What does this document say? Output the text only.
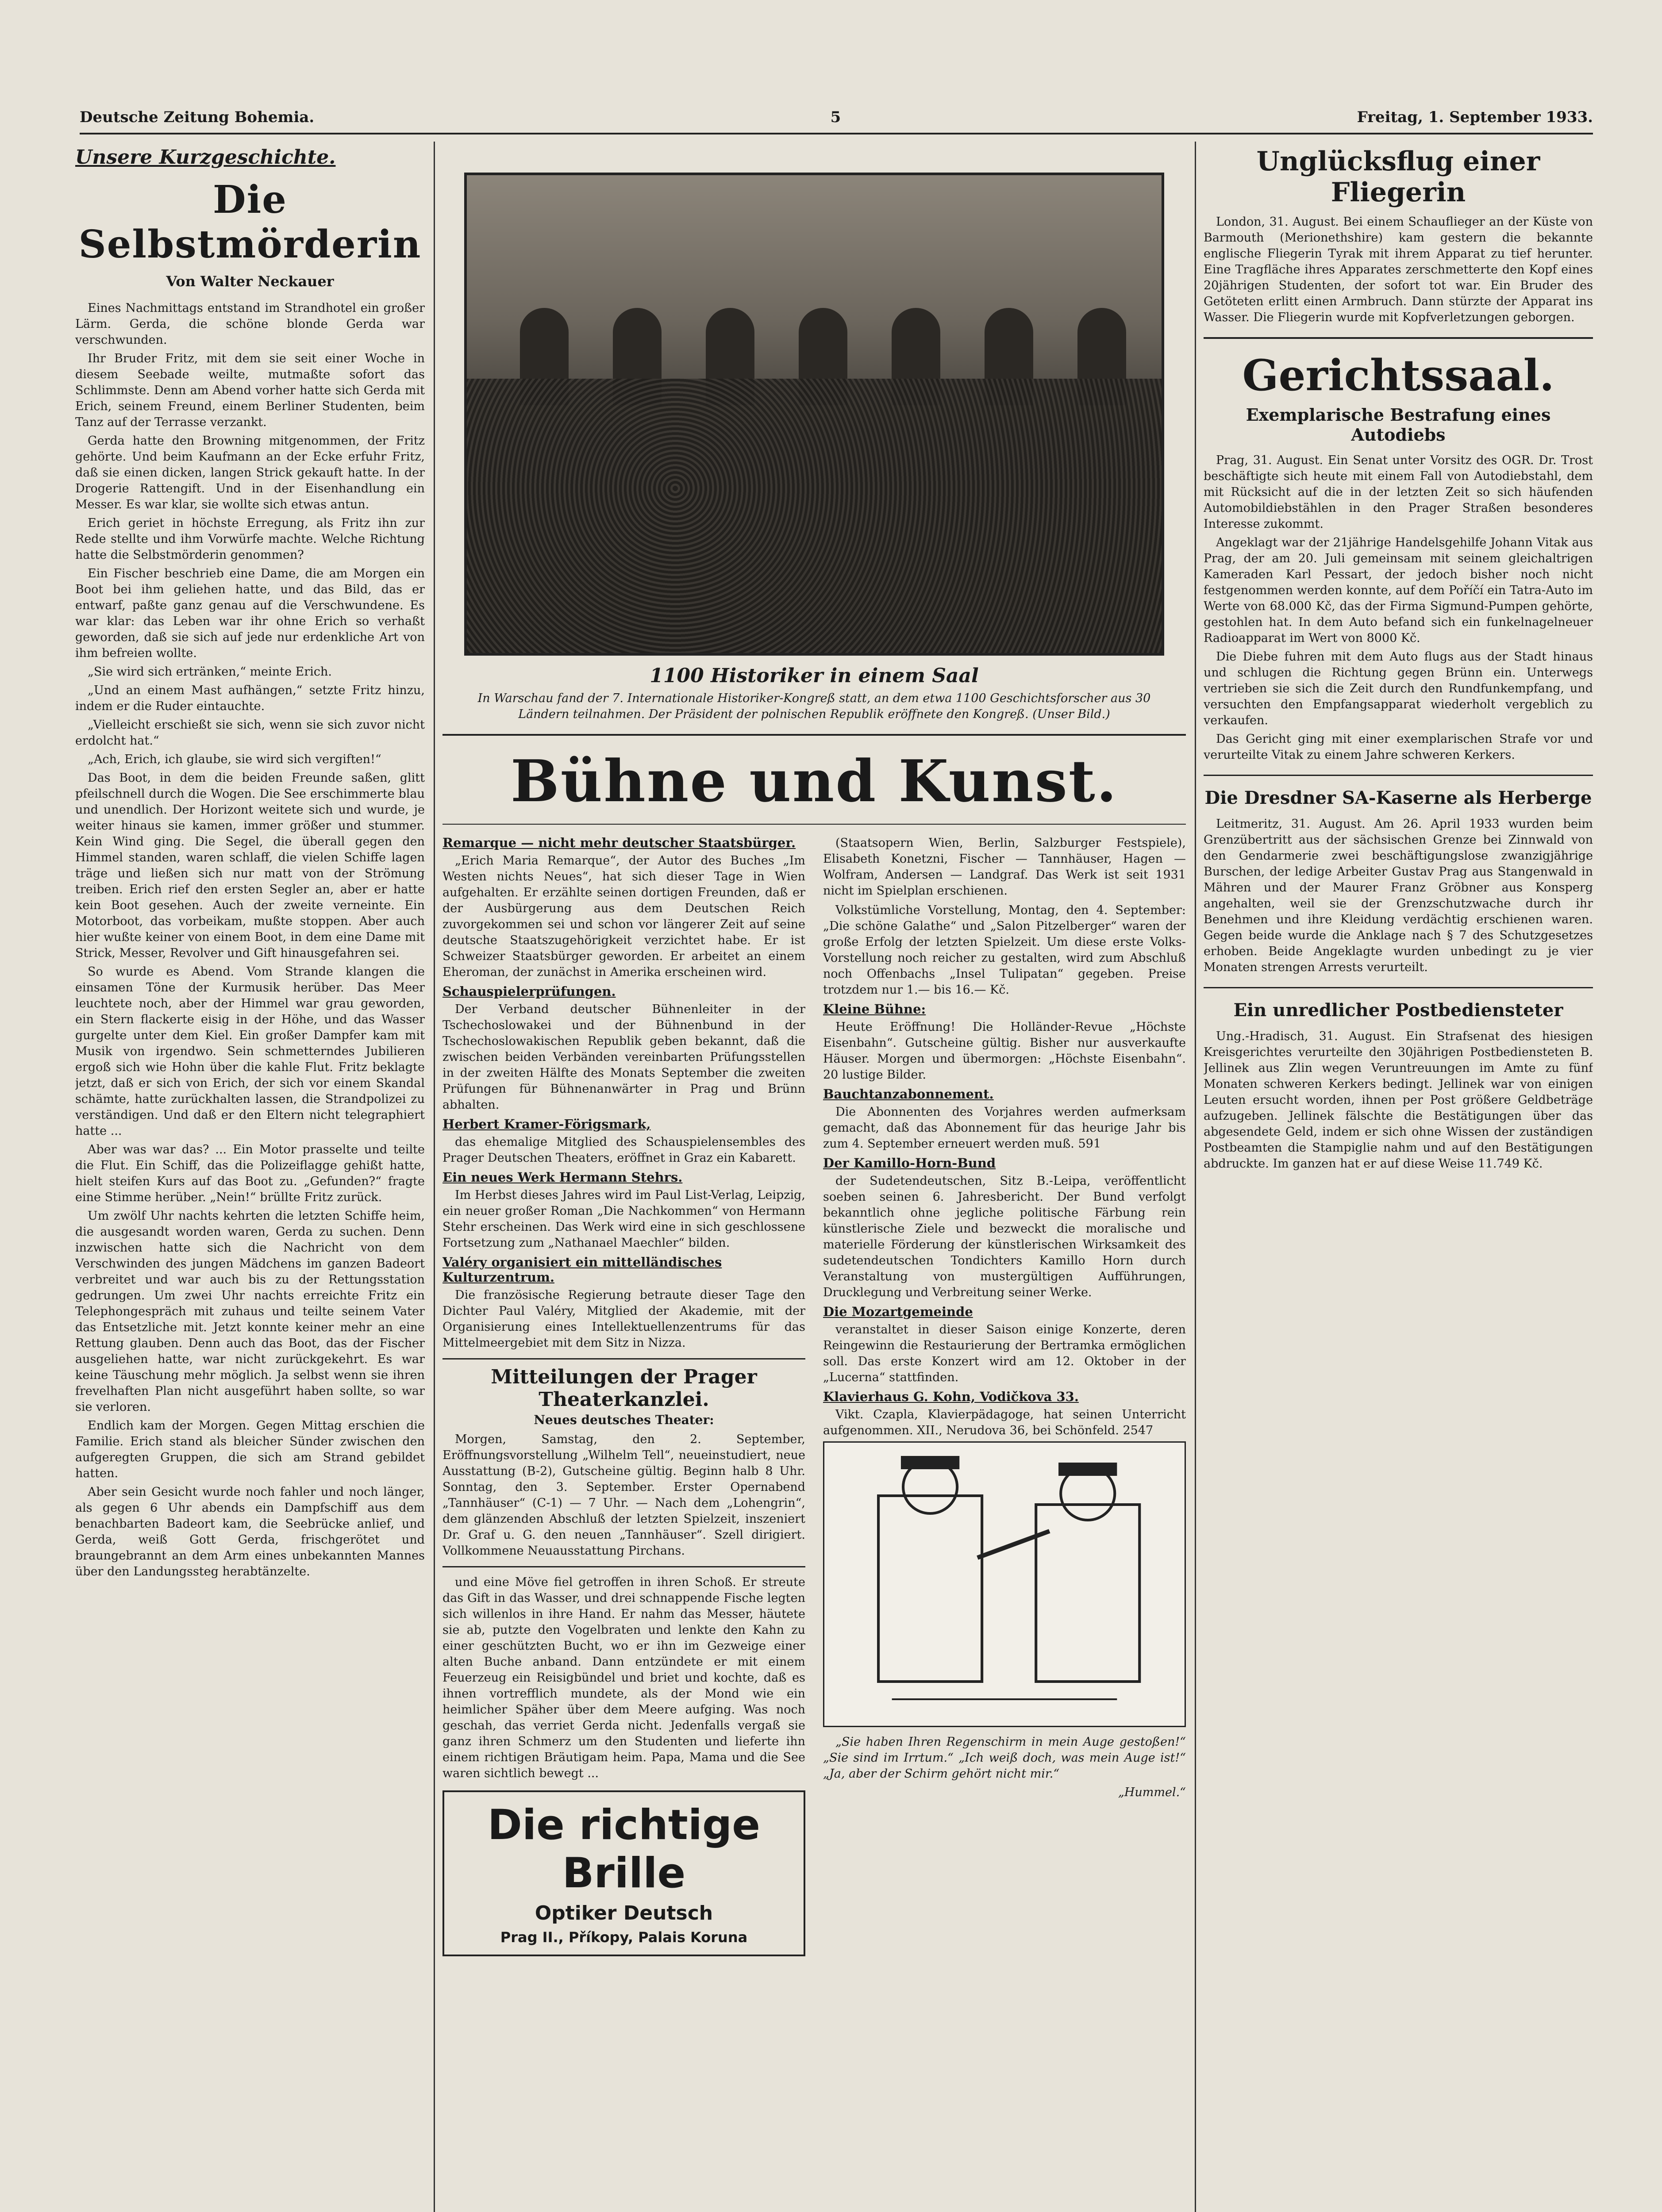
Deutsche Zeitung Bohemia.	5	Freitag, 1. September 1933.
Unsere Kurzgeschichte.
Die Selbstmörderin
Von Walter Neckauer

Eines Nachmittags entstand im Strandhotel ein großer Lärm. Gerda, die schöne blonde Gerda war verschwunden.

Ihr Bruder Fritz, mit dem sie seit einer Woche in diesem Seebade weilte, mutmaßte sofort das Schlimmste. Denn am Abend vorher hatte sich Gerda mit Erich, seinem Freund, einem Berliner Studenten, beim Tanz auf der Terrasse verzankt.

Gerda hatte den Browning mitgenommen, der Fritz gehörte. Und beim Kaufmann an der Ecke erfuhr Fritz, daß sie einen dicken, langen Strick gekauft hatte. In der Drogerie Rattengift. Und in der Eisenhandlung ein Messer. Es war klar, sie wollte sich etwas antun.

Erich geriet in höchste Erregung, als Fritz ihn zur Rede stellte und ihm Vorwürfe machte. Welche Richtung hatte die Selbstmörderin genommen?

Ein Fischer beschrieb eine Dame, die am Morgen ein Boot bei ihm geliehen hatte, und das Bild, das er entwarf, paßte ganz genau auf die Verschwundene. Es war klar: das Leben war ihr ohne Erich so verhaßt geworden, daß sie sich auf jede nur erdenkliche Art von ihm befreien wollte.

„Sie wird sich ertränken,“ meinte Erich.

„Und an einem Mast aufhängen,“ setzte Fritz hinzu, indem er die Ruder eintauchte.

„Vielleicht erschießt sie sich, wenn sie sich zuvor nicht erdolcht hat.“

„Ach, Erich, ich glaube, sie wird sich vergiften!“

Das Boot, in dem die beiden Freunde saßen, glitt pfeilschnell durch die Wogen. Die See erschimmerte blau und unendlich. Der Horizont weitete sich und wurde, je weiter hinaus sie kamen, immer größer und stummer. Kein Wind ging. Die Segel, die überall gegen den Himmel standen, waren schlaff, die vielen Schiffe lagen träge und ließen sich nur matt von der Strömung treiben. Erich rief den ersten Segler an, aber er hatte kein Boot gesehen. Auch der zweite verneinte. Ein Motorboot, das vorbeikam, mußte stoppen. Aber auch hier wußte keiner von einem Boot, in dem eine Dame mit Strick, Messer, Revolver und Gift hinausgefahren sei.

So wurde es Abend. Vom Strande klangen die einsamen Töne der Kurmusik herüber. Das Meer leuchtete noch, aber der Himmel war grau geworden, ein Stern flackerte eisig in der Höhe, und das Wasser gurgelte unter dem Kiel. Ein großer Dampfer kam mit Musik von irgendwo. Sein schmetterndes Jubilieren ergoß sich wie Hohn über die kahle Flut. Fritz beklagte jetzt, daß er sich von Erich, der sich vor einem Skandal schämte, hatte zurückhalten lassen, die Strandpolizei zu verständigen. Und daß er den Eltern nicht telegraphiert hatte ...

Aber was war das? ... Ein Motor prasselte und teilte die Flut. Ein Schiff, das die Polizeiflagge gehißt hatte, hielt steifen Kurs auf das Boot zu. „Gefunden?“ fragte eine Stimme herüber. „Nein!“ brüllte Fritz zurück.

Um zwölf Uhr nachts kehrten die letzten Schiffe heim, die ausgesandt worden waren, Gerda zu suchen. Denn inzwischen hatte sich die Nachricht von dem Verschwinden des jungen Mädchens im ganzen Badeort verbreitet und war auch bis zu der Rettungsstation gedrungen. Um zwei Uhr nachts erreichte Fritz ein Telephongespräch mit zuhaus und teilte seinem Vater das Entsetzliche mit. Jetzt konnte keiner mehr an eine Rettung glauben. Denn auch das Boot, das der Fischer ausgeliehen hatte, war nicht zurückgekehrt. Es war keine Täuschung mehr möglich. Ja selbst wenn sie ihren frevelhaften Plan nicht ausgeführt haben sollte, so war sie verloren.

Endlich kam der Morgen. Gegen Mittag erschien die Familie. Erich stand als bleicher Sünder zwischen den aufgeregten Gruppen, die sich am Strand gebildet hatten.

Aber sein Gesicht wurde noch fahler und noch länger, als gegen 6 Uhr abends ein Dampfschiff aus dem benachbarten Badeort kam, die Seebrücke anlief, und Gerda, weiß Gott Gerda, frischgerötet und braungebrannt an dem Arm eines unbekannten Mannes über den Landungssteg herabtänzelte.

1100 Historiker in einem Saal
In Warschau fand der 7. Internationale Historiker-Kongreß statt, an dem etwa 1100 Geschichtsforscher aus 30 Ländern teilnahmen. Der Präsident der polnischen Republik eröffnete den Kongreß. (Unser Bild.)
Bühne und Kunst.
Remarque — nicht mehr deutscher Staatsbürger.

„Erich Maria Remarque“, der Autor des Buches „Im Westen nichts Neues“, hat sich dieser Tage in Wien aufgehalten. Er erzählte seinen dortigen Freunden, daß er der Ausbürgerung aus dem Deutschen Reich zuvorgekommen sei und schon vor längerer Zeit auf seine deutsche Staatszugehörigkeit verzichtet habe. Er ist Schweizer Staatsbürger geworden. Er arbeitet an einem Eheroman, der zunächst in Amerika erscheinen wird.

Schauspielerprüfungen.

Der Verband deutscher Bühnenleiter in der Tschechoslowakei und der Bühnenbund in der Tschechoslowakischen Republik geben bekannt, daß die zwischen beiden Verbänden vereinbarten Prüfungsstellen in der zweiten Hälfte des Monats September die zweiten Prüfungen für Bühnenanwärter in Prag und Brünn abhalten.

Herbert Kramer-Förigsmark,

das ehemalige Mitglied des Schauspielensembles des Prager Deutschen Theaters, eröffnet in Graz ein Kabarett.

Ein neues Werk Hermann Stehrs.

Im Herbst dieses Jahres wird im Paul List-Verlag, Leipzig, ein neuer großer Roman „Die Nachkommen“ von Hermann Stehr erscheinen. Das Werk wird eine in sich geschlossene Fortsetzung zum „Nathanael Maechler“ bilden.

Valéry organisiert ein mittelländisches Kulturzentrum.

Die französische Regierung betraute dieser Tage den Dichter Paul Valéry, Mitglied der Akademie, mit der Organisierung eines Intellektuellenzentrums für das Mittelmeergebiet mit dem Sitz in Nizza.

Mitteilungen der Prager Theaterkanzlei.
Neues deutsches Theater:

Morgen, Samstag, den 2. September, Eröffnungsvorstellung „Wilhelm Tell“, neueinstudiert, neue Ausstattung (B-2), Gutscheine gültig. Beginn halb 8 Uhr. Sonntag, den 3. September. Erster Opernabend „Tannhäuser“ (C-1) — 7 Uhr. — Nach dem „Lohengrin“, dem glänzenden Abschluß der letzten Spielzeit, inszeniert Dr. Graf u. G. den neuen „Tannhäuser“. Szell dirigiert. Vollkommene Neuausstattung Pirchans.

und eine Möve fiel getroffen in ihren Schoß. Er streute das Gift in das Wasser, und drei schnappende Fische legten sich willenlos in ihre Hand. Er nahm das Messer, häutete sie ab, putzte den Vogelbraten und lenkte den Kahn zu einer geschützten Bucht, wo er ihn im Gezweige einer alten Buche anband. Dann entzündete er mit einem Feuerzeug ein Reisigbündel und briet und kochte, daß es ihnen vortrefflich mundete, als der Mond wie ein heimlicher Späher über dem Meere aufging. Was noch geschah, das verriet Gerda nicht. Jedenfalls vergaß sie ganz ihren Schmerz um den Studenten und lieferte ihn einem richtigen Bräutigam heim. Papa, Mama und die See waren sichtlich bewegt ...

Die richtige Brille
Optiker Deutsch
Prag II., Příkopy, Palais Koruna

(Staatsopern Wien, Berlin, Salzburger Festspiele), Elisabeth Konetzni, Fischer — Tannhäuser, Hagen — Wolfram, Andersen — Landgraf. Das Werk ist seit 1931 nicht im Spielplan erschienen.

Volkstümliche Vorstellung, Montag, den 4. September: „Die schöne Galathe“ und „Salon Pitzelberger“ waren der große Erfolg der letzten Spielzeit. Um diese erste Volks-Vorstellung noch reicher zu gestalten, wird zum Abschluß noch Offenbachs „Insel Tulipatan“ gegeben. Preise trotzdem nur 1.— bis 16.— Kč.

Kleine Bühne:

Heute Eröffnung! Die Holländer-Revue „Höchste Eisenbahn“. Gutscheine gültig. Bisher nur ausverkaufte Häuser. Morgen und übermorgen: „Höchste Eisenbahn“. 20 lustige Bilder.

Bauchtanzabonnement.

Die Abonnenten des Vorjahres werden aufmerksam gemacht, daß das Abonnement für das heurige Jahr bis zum 4. September erneuert werden muß. 591

Der Kamillo-Horn-Bund

der Sudetendeutschen, Sitz B.-Leipa, veröffentlicht soeben seinen 6. Jahresbericht. Der Bund verfolgt bekanntlich ohne jegliche politische Färbung rein künstlerische Ziele und bezweckt die moralische und materielle Förderung der künstlerischen Wirksamkeit des sudetendeutschen Tondichters Kamillo Horn durch Veranstaltung von mustergültigen Aufführungen, Drucklegung und Verbreitung seiner Werke.

Die Mozartgemeinde

veranstaltet in dieser Saison einige Konzerte, deren Reingewinn die Restaurierung der Bertramka ermöglichen soll. Das erste Konzert wird am 12. Oktober in der „Lucerna“ stattfinden.

Klavierhaus G. Kohn, Vodičkova 33.

Vikt. Czapla, Klavierpädagoge, hat seinen Unterricht aufgenommen. XII., Nerudova 36, bei Schönfeld. 2547

„Sie haben Ihren Regenschirm in mein Auge gestoßen!“ „Sie sind im Irrtum.“ „Ich weiß doch, was mein Auge ist!“ „Ja, aber der Schirm gehört nicht mir.“

„Hummel.“

Unglücksflug einer Fliegerin

London, 31. August. Bei einem Schauflieger an der Küste von Barmouth (Merionethshire) kam gestern die bekannte englische Fliegerin Tyrak mit ihrem Apparat zu tief herunter. Eine Tragfläche ihres Apparates zerschmetterte den Kopf eines 20jährigen Studenten, der sofort tot war. Ein Bruder des Getöteten erlitt einen Armbruch. Dann stürzte der Apparat ins Wasser. Die Fliegerin wurde mit Kopfverletzungen geborgen.

Gerichtssaal.
Exemplarische Bestrafung eines Autodiebs

Prag, 31. August. Ein Senat unter Vorsitz des OGR. Dr. Trost beschäftigte sich heute mit einem Fall von Autodiebstahl, dem mit Rücksicht auf die in der letzten Zeit so sich häufenden Automobildiebstählen in den Prager Straßen besonderes Interesse zukommt.

Angeklagt war der 21jährige Handelsgehilfe Johann Vitak aus Prag, der am 20. Juli gemeinsam mit seinem gleichaltrigen Kameraden Karl Pessart, der jedoch bisher noch nicht festgenommen werden konnte, auf dem Poříčí ein Tatra-Auto im Werte von 68.000 Kč, das der Firma Sigmund-Pumpen gehörte, gestohlen hat. In dem Auto befand sich ein funkelnagelneuer Radioapparat im Wert von 8000 Kč.

Die Diebe fuhren mit dem Auto flugs aus der Stadt hinaus und schlugen die Richtung gegen Brünn ein. Unterwegs vertrieben sie sich die Zeit durch den Rundfunkempfang, und versuchten den Empfangsapparat wiederholt vergeblich zu verkaufen.

Das Gericht ging mit einer exemplarischen Strafe vor und verurteilte Vitak zu einem Jahre schweren Kerkers.

Die Dresdner SA-Kaserne als Herberge

Leitmeritz, 31. August. Am 26. April 1933 wurden beim Grenzübertritt aus der sächsischen Grenze bei Zinnwald von den Gendarmerie zwei beschäftigungslose zwanzigjährige Burschen, der ledige Arbeiter Gustav Prag aus Stangenwald in Mähren und der Maurer Franz Gröbner aus Konsperg angehalten, weil sie der Grenzschutzwache durch ihr Benehmen und ihre Kleidung verdächtig erschienen waren. Gegen beide wurde die Anklage nach § 7 des Schutzgesetzes erhoben. Beide Angeklagte wurden unbedingt zu je vier Monaten strengen Arrests verurteilt.

Ein unredlicher Postbediensteter

Ung.-Hradisch, 31. August. Ein Strafsenat des hiesigen Kreisgerichtes verurteilte den 30jährigen Postbediensteten B. Jellinek aus Zlin wegen Veruntreuungen im Amte zu fünf Monaten schweren Kerkers bedingt. Jellinek war von einigen Leuten ersucht worden, ihnen per Post größere Geldbeträge aufzugeben. Jellinek fälschte die Bestätigungen über das abgesendete Geld, indem er sich ohne Wissen der zuständigen Postbeamten die Stampiglie nahm und auf den Bestätigungen abdruckte. Im ganzen hat er auf diese Weise 11.749 Kč.
